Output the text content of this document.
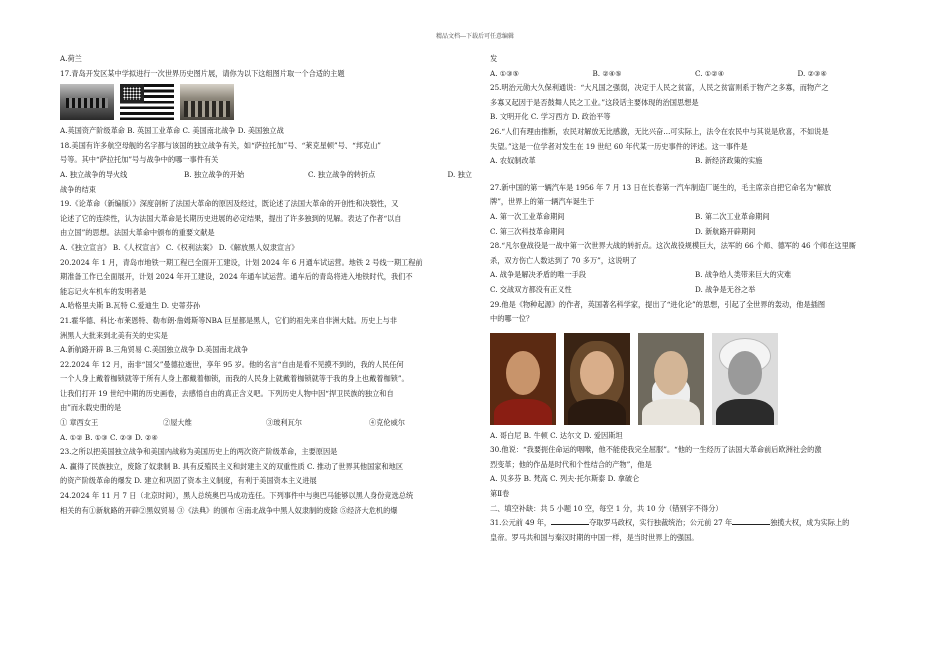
精品文档---下载后可任意编辑

A.荷兰

17.青岛开发区某中学拟进行一次世界历史图片展，请你为以下这组图片取一个合适的主题

A.英国资产阶级革命 B. 英国工业革命 C. 美国南北战争 D. 美国独立战

18.美国有许多航空母舰的名字都与该国的独立战争有关，如“萨拉托加”号、“莱克星顿”号、“邦克山”

号等。其中“萨拉托加”号与战争中的哪一事件有关

A. 独立战争的导火线	B. 独立战争的开始	C. 独立战争的转折点	D. 独立

战争的结束

19.《论革命（新编版）》深度剖析了法国大革命的原因及经过，既论述了法国大革命的开创性和决裂性，又

论述了它的连续性，认为法国大革命是长期历史进展的必定结果，提出了许多独到的见解。表达了作者“以自

由立国”的思想。法国大革命中颁布的重要文献是

A.《独立宣言》 B.《人权宣言》 C.《权利法案》 D.《解放黑人奴隶宣言》

20.2024 年 1 月，青岛市地铁一期工程已全面开工建设，计划 2024 年 6 月通车试运营。地铁 2 号线一期工程前

期准备工作已全面展开，计划 2024 年开工建设，2024 年通车试运营。通车后的青岛将进入地铁时代，我们不

能忘记火车机车的发明者是

A.哈格里夫斯 B.瓦特 C.爱迪生 D. 史蒂芬孙

21.霍华德、科比·布莱恩特、勒布朗·詹姆斯等NBA 巨星都是黑人，它们的祖先来自非洲大陆。历史上与非

洲黑人大批来到北美有关的史实是

A.新航路开辟 B.三角贸易 C.美国独立战争 D.美国南北战争

22.2024 年 12 月，南非“国父”曼德拉逝世，享年 95 岁。他的名言“自由是看不见摸不到的，我的人民任何

一个人身上戴着枷锁就等于所有人身上都戴着枷锁，而我的人民身上就戴着枷锁就等于我的身上也戴着枷锁”。

让我们打开 19 世纪中期的历史画卷，去感悟自由的真正含义吧。下列历史人物中因“捍卫民族的独立和自

由”而永载史册的是

① 章西女王	②屋大维	③玻利瓦尔	④克伦威尔

A. ①② B. ①③ C. ②③ D. ②④

23.之所以把美国独立战争和美国内战称为美国历史上的两次资产阶级革命，主要原因是

A. 赢得了民族独立，废除了奴隶制 B. 具有反殖民主义和封建主义的双重性质 C. 推动了世界其他国家和地区

的资产阶级革命的爆发 D. 建立和巩固了资本主义制度，有利于美国资本主义进展

24.2024 年 11 月 7 日（北京时间），黑人总统奥巴马成功连任。下列事件中与奥巴马能够以黑人身份竞选总统

相关的有①新航路的开辟②黑奴贸易 ③《法典》的颁布 ④南北战争中黑人奴隶制的废除 ⑤经济大危机的爆

发

A. ①③⑤	B. ②④⑤	C. ①②④	D. ②③④

25.明治元勋大久保利通说：“大凡国之强弱，决定于人民之贫富，人民之贫富则系于物产之多寡，而物产之

多寡又起因于是否鼓舞人民之工业。”这段话主要体现的治国思想是

B. 文明开化 C. 学习西方 D. 政治平等

26.“人们有理由推断，农民对解放无比感激，无比兴奋…可实际上，法令在农民中与其说是欣喜，不如说是

失望。”这是一位学者对发生在 19 世纪 60 年代某一历史事件的评述。这一事件是

A. 农奴制改革	B. 新经济政策的实施

27.新中国的第一辆汽车是 1956 年 7 月 13 日在长春第一汽车制造厂诞生的，毛主席亲自把它命名为“解放

牌”，世界上的第一辆汽车诞生于

A. 第一次工业革命期间	B. 第二次工业革命期间
C. 第三次科技革命期间	D. 新航路开辟期间

28.“凡尔登战役是一战中第一次世界大战的转折点。这次战役规模巨大，法军的 66 个师、德军的 46 个师在这里厮

杀，双方伤亡人数达到了 70 多万”，这说明了

A. 战争是解决矛盾的唯一手段	B. 战争给人类带来巨大的灾难
C. 交战双方都没有正义性	D. 战争是无谷之举

29.他是《物种起源》的作者，英国著名科学家，提出了“进化论”的思想，引起了全世界的轰动，他是插图

中的哪一位？

A. 哥白尼 B. 牛顿 C. 达尔文 D. 爱因斯坦

30.他说：“我要扼住命运的咽喉，他不能使我完全屈服”。“他的一生经历了法国大革命前后欧洲社会的激

烈变革；他的作品是时代和个性结合的产物”，他是

A. 贝多芬 B. 梵高 C. 列夫·托尔斯泰 D. 拿破仑

第Ⅱ卷

二、填空补缺：共 5 小题 10 空，每空 1 分，共 10 分（错别字不得分）

31.公元前 49 年，	夺取罗马政权，实行独裁统治；公元前 27 年	独揽大权，成为实际上的

皇帝。罗马共和国与秦汉时期的中国一样，是当时世界上的强国。
